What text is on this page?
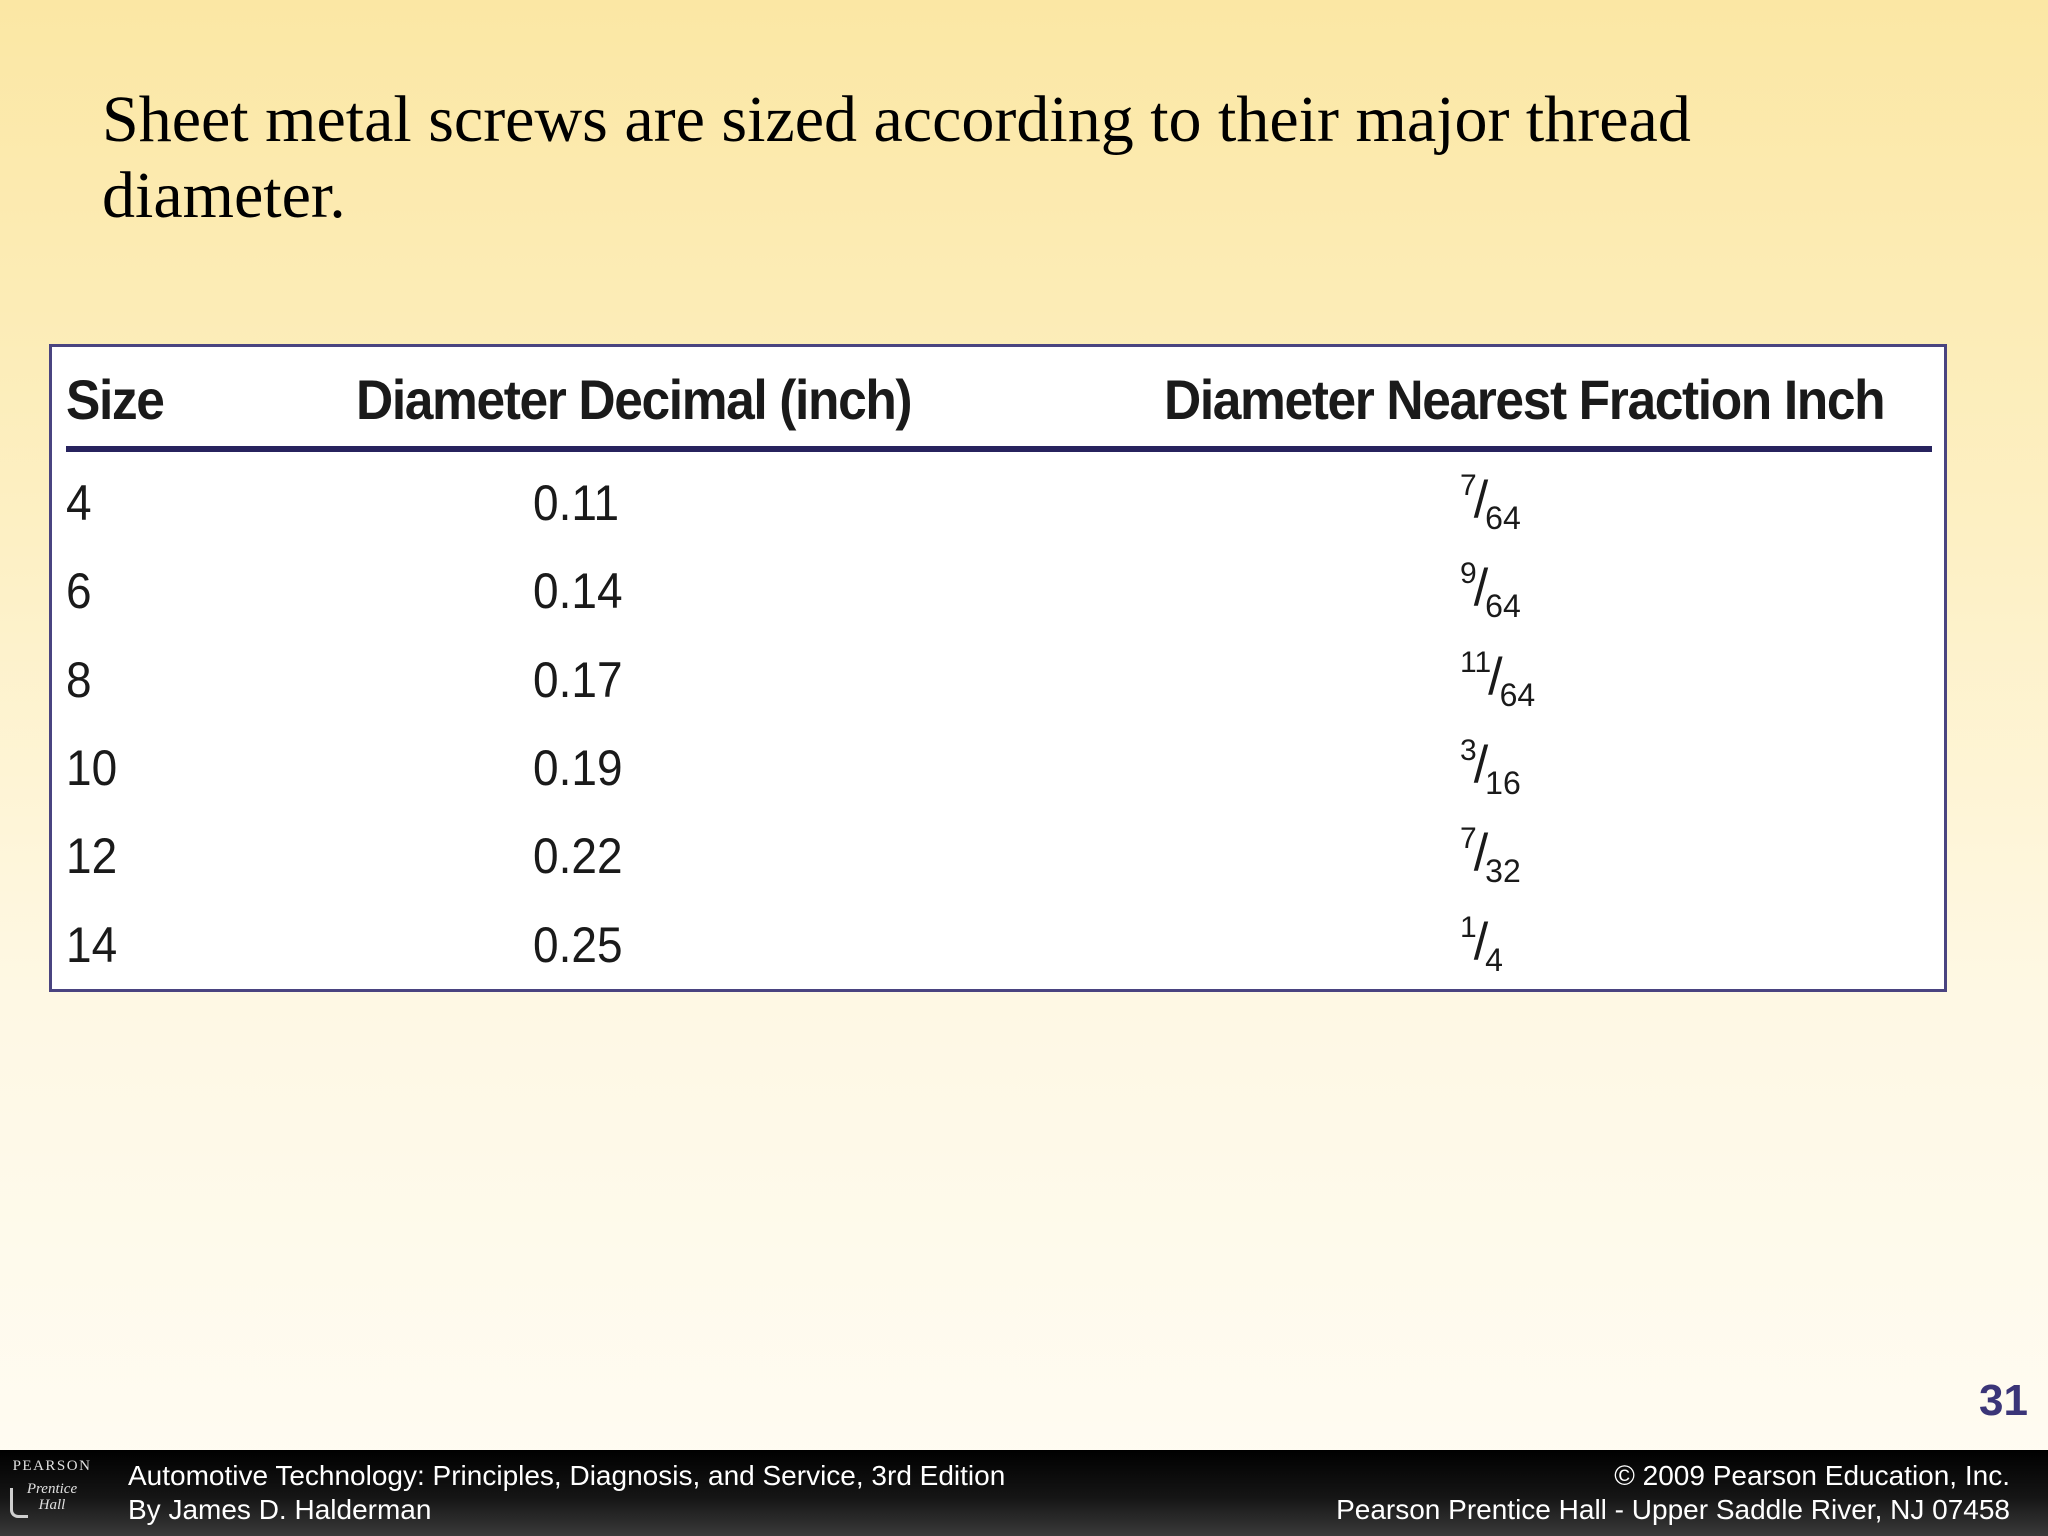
Sheet metal screws are sized according to their major thread diameter.
Size	Diameter Decimal (inch)	Diameter Nearest Fraction Inch
4	0.11	7/64
6	0.14	9/64
8	0.17	11/64
10	0.19	3/16
12	0.22	7/32
14	0.25	1/4
31
PEARSON
Prentice
Hall
Automotive Technology: Principles, Diagnosis, and Service, 3rd Edition
By James D. Halderman
© 2009 Pearson Education, Inc.
Pearson Prentice Hall - Upper Saddle River, NJ 07458
